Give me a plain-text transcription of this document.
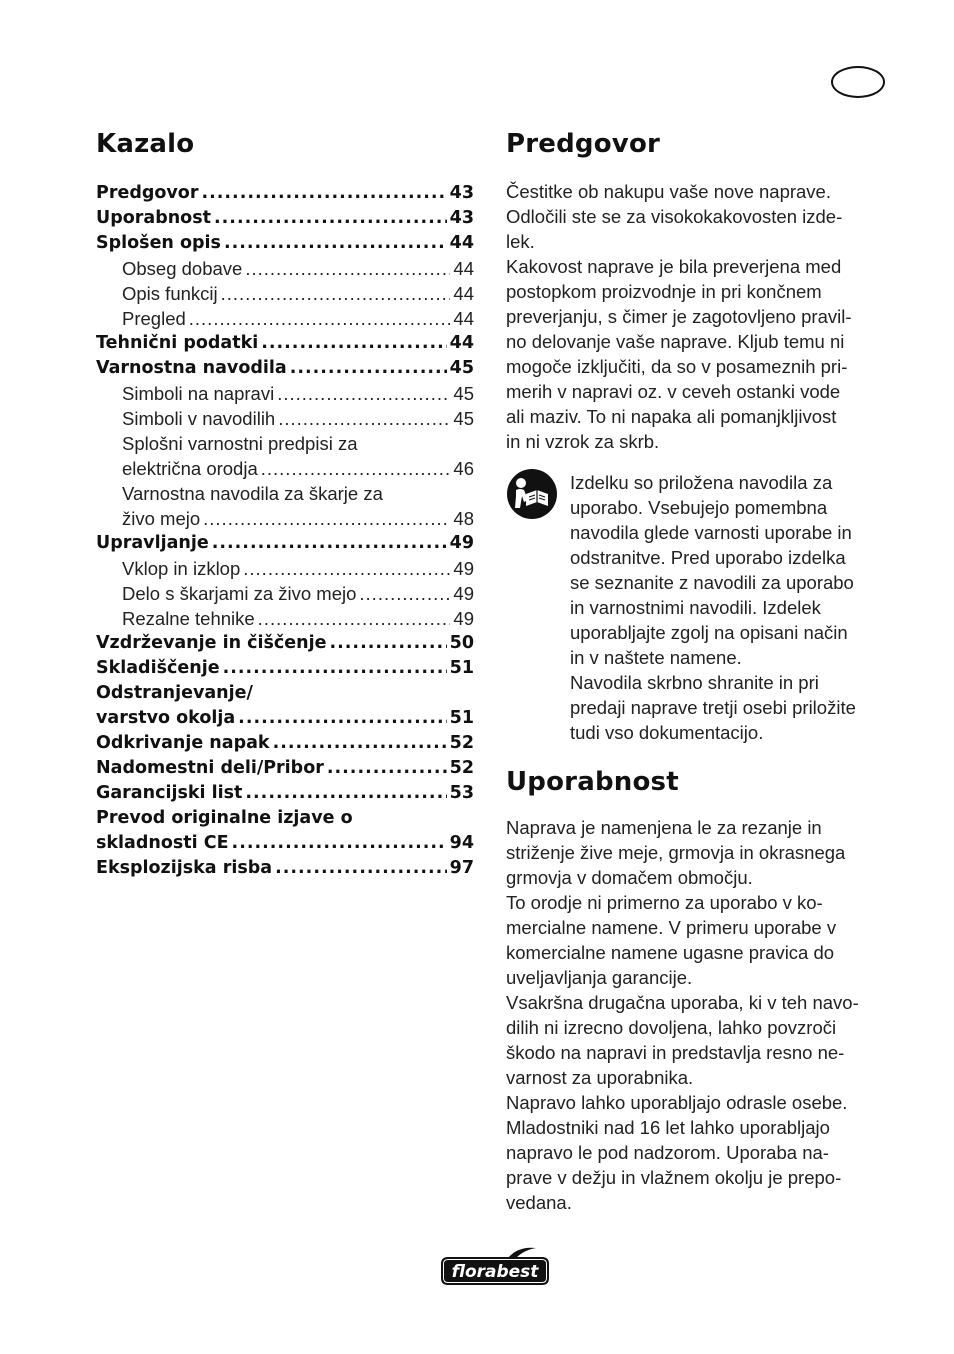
Kazalo
Predgovor .....	43
Uporabnost .....	43
Splošen opis .....	44
Obseg dobave .....	44
Opis funkcij .....	44
Pregled .....	44
Tehnični podatki .....	44
Varnostna navodila .....	45
Simboli na napravi .....	45
Simboli v navodilih .....	45
Splošni varnostni predpisi za
električna orodja .....	46
Varnostna navodila za škarje za
živo mejo .....	48
Upravljanje .....	49
Vklop in izklop .....	49
Delo s škarjami za živo mejo .....	49
Rezalne tehnike .....	49
Vzdrževanje in čiščenje .....	50
Skladiščenje .....	51
Odstranjevanje/
varstvo okolja .....	51
Odkrivanje napak .....	52
Nadomestni deli/Pribor .....	52
Garancijski list .....	53
Prevod originalne izjave o
skladnosti CE .....	94
Eksplozijska risba .....	97
Predgovor

Čestitke ob nakupu vaše nove naprave.

Odločili ste se za visokokakovosten izde-

lek.

Kakovost naprave je bila preverjena med

postopkom proizvodnje in pri končnem

preverjanju, s čimer je zagotovljeno pravil-

no delovanje vaše naprave. Kljub temu ni

mogoče izključiti, da so v posameznih pri-

merih v napravi oz. v ceveh ostanki vode

ali maziv. To ni napaka ali pomanjkljivost

in ni vzrok za skrb.

Izdelku so priložena navodila za

uporabo. Vsebujejo pomembna

navodila glede varnosti uporabe in

odstranitve. Pred uporabo izdelka

se seznanite z navodili za uporabo

in varnostnimi navodili. Izdelek

uporabljajte zgolj na opisani način

in v naštete namene.

Navodila skrbno shranite in pri

predaji naprave tretji osebi priložite

tudi vso dokumentacijo.

Uporabnost

Naprava je namenjena le za rezanje in

striženje žive meje, grmovja in okrasnega

grmovja v domačem območju.

To orodje ni primerno za uporabo v ko-

mercialne namene. V primeru uporabe v

komercialne namene ugasne pravica do

uveljavljanja garancije.

Vsakršna drugačna uporaba, ki v teh navo-

dilih ni izrecno dovoljena, lahko povzroči

škodo na napravi in predstavlja resno ne-

varnost za uporabnika.

Napravo lahko uporabljajo odrasle osebe.

Mladostniki nad 16 let lahko uporabljajo

napravo le pod nadzorom. Uporaba na-

prave v dežju in vlažnem okolju je prepo-

vedana.

florabest
